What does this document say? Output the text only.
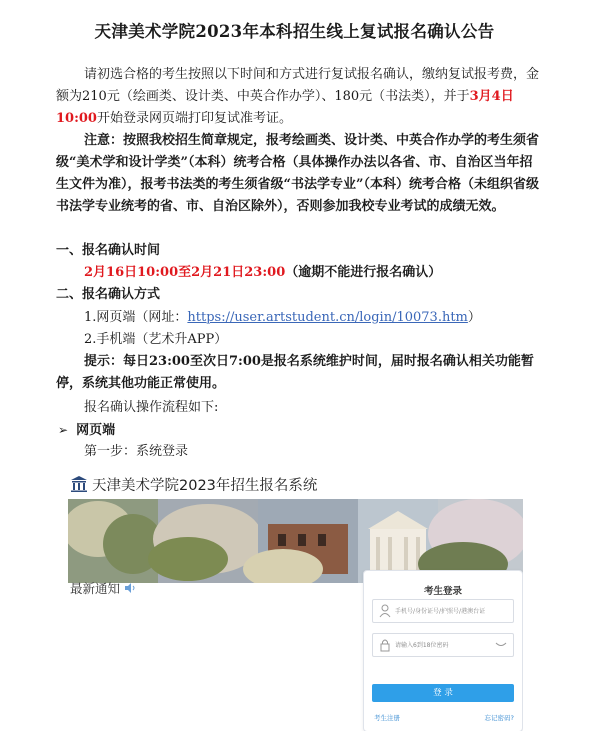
天津美术学院2023年本科招生线上复试报名确认公告
请初选合格的考生按照以下时间和方式进行复试报名确认，缴纳复试报考费，金额为210元（绘画类、设计类、中英合作办学）、180元（书法类），并于3月4日10:00开始登录网页端打印复试准考证。
注意：按照我校招生简章规定，报考绘画类、设计类、中英合作办学的考生须省级“美术学和设计学类”（本科）统考合格（具体操作办法以各省、市、自治区当年招生文件为准），报考书法类的考生须省级“书法学专业”（本科）统考合格（未组织省级书法学专业统考的省、市、自治区除外），否则参加我校专业考试的成绩无效。
一、报名确认时间
2月16日10:00至2月21日23:00（逾期不能进行报名确认）
二、报名确认方式
1.网页端（网址：https://user.artstudent.cn/login/10073.htm）
2.手机端（艺术升APP）
提示：每日23:00至次日7:00是报名系统维护时间，届时报名确认相关功能暂停，系统其他功能正常使用。
报名确认操作流程如下:
➢ 网页端
第一步：系统登录
天津美术学院2023年招生报名系统
最新通知	考生登录
手机号/身份证号/护照号/港澳台证
请输入6到18位密码
登 录
考生注册	忘记密码?
